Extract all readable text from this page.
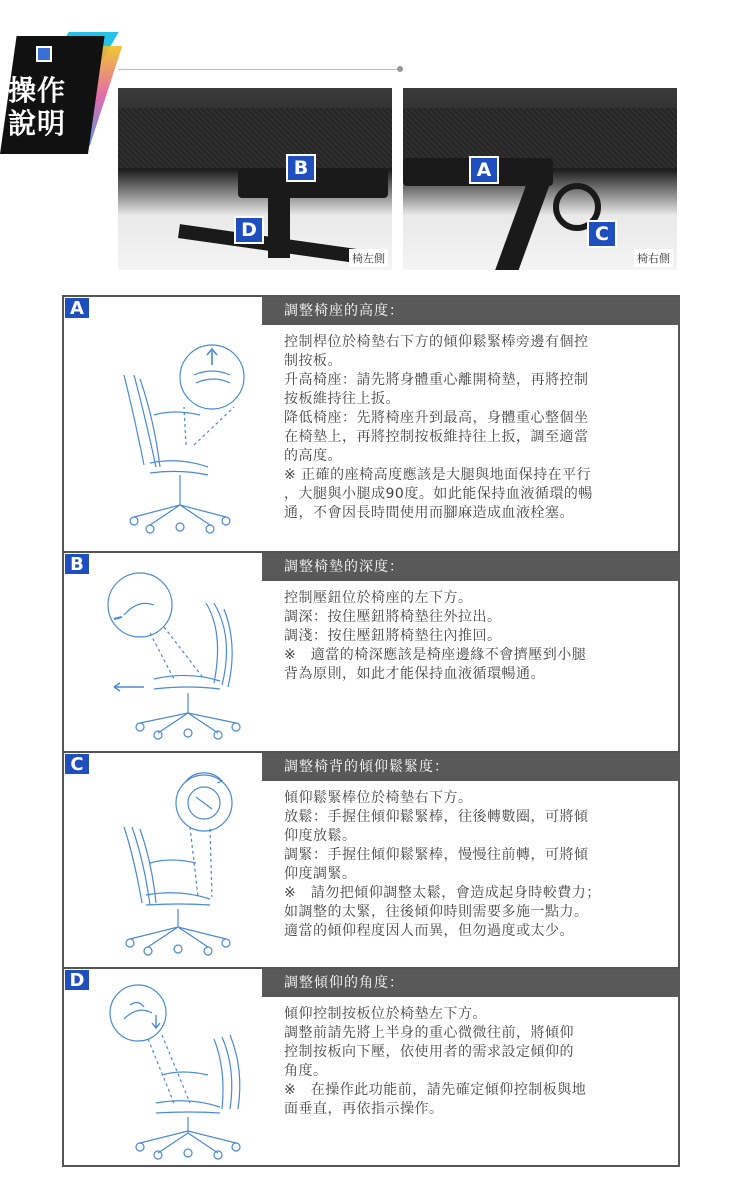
操作
說明
B
D
椅左側
A
C
椅右側
A	調整椅座的高度：

控制桿位於椅墊右下方的傾仰鬆緊棒旁邊有個控

制按板。

升高椅座：請先將身體重心離開椅墊，再將控制

按板維持往上扳。

降低椅座：先將椅座升到最高，身體重心整個坐

在椅墊上，再將控制按板維持往上扳，調至適當

的高度。

※ 正確的座椅高度應該是大腿與地面保持在平行

，大腿與小腿成90度。如此能保持血液循環的暢

通，不會因長時間使用而腳麻造成血液栓塞。

B	調整椅墊的深度：

控制壓鈕位於椅座的左下方。

調深：按住壓鈕將椅墊往外拉出。

調淺：按住壓鈕將椅墊往內推回。

※　適當的椅深應該是椅座邊緣不會擠壓到小腿

背為原則，如此才能保持血液循環暢通。

C	調整椅背的傾仰鬆緊度：

傾仰鬆緊棒位於椅墊右下方。

放鬆：手握住傾仰鬆緊棒，往後轉數圈，可將傾

仰度放鬆。

調緊：手握住傾仰鬆緊棒，慢慢往前轉，可將傾

仰度調緊。

※　請勿把傾仰調整太鬆，會造成起身時較費力；

如調整的太緊，往後傾仰時則需要多施一點力。

適當的傾仰程度因人而異，但勿過度或太少。

D	調整傾仰的角度：

傾仰控制按板位於椅墊左下方。

調整前請先將上半身的重心微微往前，將傾仰

控制按板向下壓，依使用者的需求設定傾仰的

角度。

※　在操作此功能前，請先確定傾仰控制板與地

面垂直，再依指示操作。
